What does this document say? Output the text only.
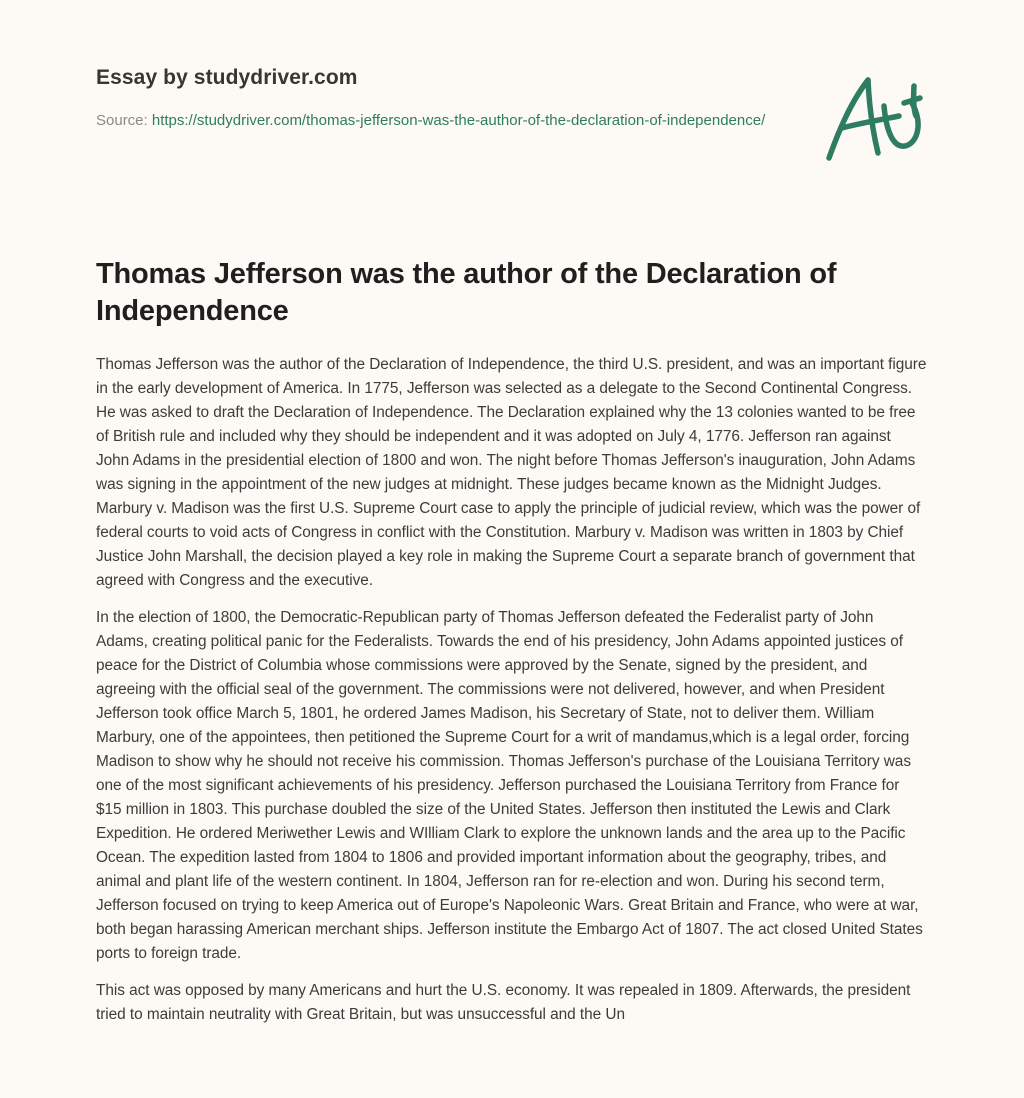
Essay by studydriver.com
Source: https://studydriver.com/thomas-jefferson-was-the-author-of-the-declaration-of-independence/
Thomas Jefferson was the author of the Declaration of Independence

Thomas Jefferson was the author of the Declaration of Independence, the third U.S. president, and was an important figure in the early development of America. In 1775, Jefferson was selected as a delegate to the Second Continental Congress. He was asked to draft the Declaration of Independence. The Declaration explained why the 13 colonies wanted to be free of British rule and included why they should be independent and it was adopted on July 4, 1776. Jefferson ran against John Adams in the presidential election of 1800 and won. The night before Thomas Jefferson's inauguration, John Adams was signing in the appointment of the new judges at midnight. These judges became known as the Midnight Judges. Marbury v. Madison was the first U.S. Supreme Court case to apply the principle of judicial review, which was the power of federal courts to void acts of Congress in conflict with the Constitution. Marbury v. Madison was written in 1803 by Chief Justice John Marshall, the decision played a key role in making the Supreme Court a separate branch of government that agreed with Congress and the executive.

In the election of 1800, the Democratic-Republican party of Thomas Jefferson defeated the Federalist party of John Adams, creating political panic for the Federalists. Towards the end of his presidency, John Adams appointed justices of peace for the District of Columbia whose commissions were approved by the Senate, signed by the president, and agreeing with the official seal of the government. The commissions were not delivered, however, and when President Jefferson took office March 5, 1801, he ordered James Madison, his Secretary of State, not to deliver them. William Marbury, one of the appointees, then petitioned the Supreme Court for a writ of mandamus,which is a legal order, forcing Madison to show why he should not receive his commission. Thomas Jefferson's purchase of the Louisiana Territory was one of the most significant achievements of his presidency. Jefferson purchased the Louisiana Territory from France for $15 million in 1803. This purchase doubled the size of the United States. Jefferson then instituted the Lewis and Clark Expedition. He ordered Meriwether Lewis and WIlliam Clark to explore the unknown lands and the area up to the Pacific Ocean. The expedition lasted from 1804 to 1806 and provided important information about the geography, tribes, and animal and plant life of the western continent. In 1804, Jefferson ran for re-election and won. During his second term, Jefferson focused on trying to keep America out of Europe's Napoleonic Wars. Great Britain and France, who were at war, both began harassing American merchant ships. Jefferson institute the Embargo Act of 1807. The act closed United States ports to foreign trade.

This act was opposed by many Americans and hurt the U.S. economy. It was repealed in 1809. Afterwards, the president tried to maintain neutrality with Great Britain, but was unsuccessful and the Un
